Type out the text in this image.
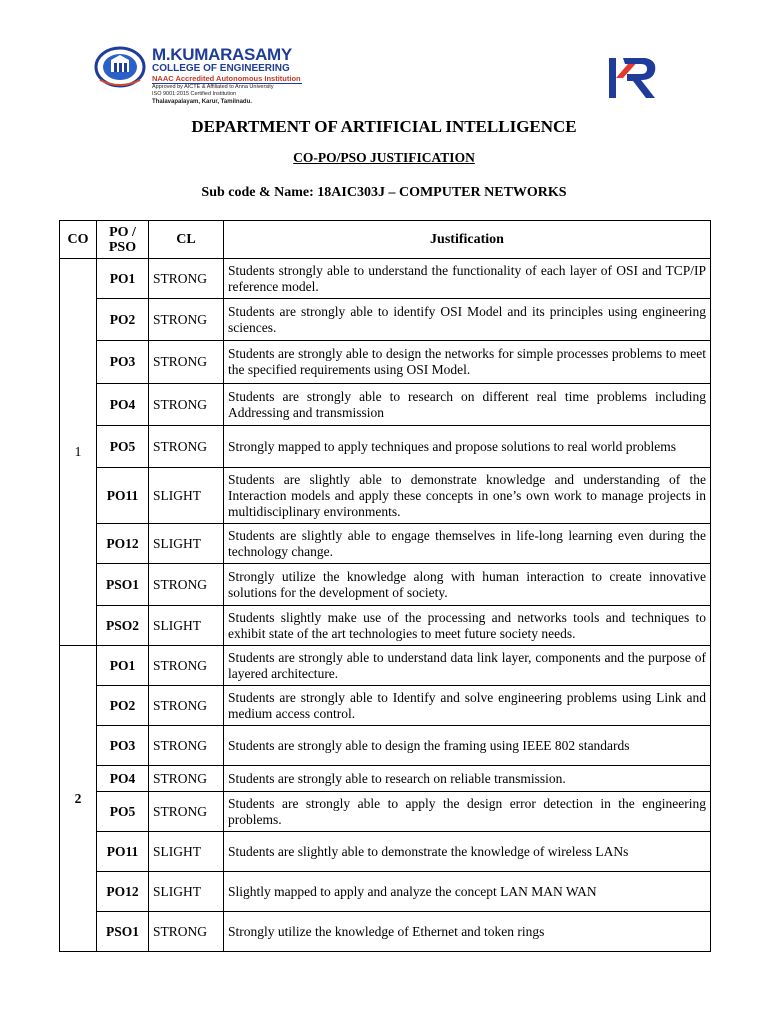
M.KUMARASAMY
COLLEGE OF ENGINEERING
NAAC Accredited Autonomous Institution
Approved by AICTE & Affiliated to Anna University
ISO 9001:2015 Certified Institution
Thalavapalayam, Karur, Tamilnadu.
DEPARTMENT OF ARTIFICIAL INTELLIGENCE
CO-PO/PSO JUSTIFICATION
Sub code & Name: 18AIC303J – COMPUTER NETWORKS
CO	PO / PSO	CL	Justification
1	PO1	STRONG	Students strongly able to understand the functionality of each layer of OSI and TCP/IP reference model.
	PO2	STRONG	Students are strongly able to identify OSI Model and its principles using engineering sciences.
	PO3	STRONG	Students are strongly able to design the networks for simple processes problems to meet the specified requirements using OSI Model.
	PO4	STRONG	Students are strongly able to research on different real time problems including Addressing and transmission
	PO5	STRONG	Strongly mapped to apply techniques and propose solutions to real world problems
	PO11	SLIGHT	Students are slightly able to demonstrate knowledge and understanding of the Interaction models and apply these concepts in one’s own work to manage projects in multidisciplinary environments.
	PO12	SLIGHT	Students are slightly able to engage themselves in life-long learning even during the technology change.
	PSO1	STRONG	Strongly utilize the knowledge along with human interaction to create innovative solutions for the development of society.
	PSO2	SLIGHT	Students slightly make use of the processing and networks tools and techniques to exhibit state of the art technologies to meet future society needs.
2	PO1	STRONG	Students are strongly able to understand data link layer, components and the purpose of layered architecture.
	PO2	STRONG	Students are strongly able to Identify and solve engineering problems using Link and medium access control.
	PO3	STRONG	Students are strongly able to design the framing using IEEE 802 standards
	PO4	STRONG	Students are strongly able to research on reliable transmission.
	PO5	STRONG	Students are strongly able to apply the design error detection in the engineering problems.
	PO11	SLIGHT	Students are slightly able to demonstrate the knowledge of wireless LANs
	PO12	SLIGHT	Slightly mapped to apply and analyze the concept LAN MAN WAN
	PSO1	STRONG	Strongly utilize the knowledge of Ethernet and token rings
